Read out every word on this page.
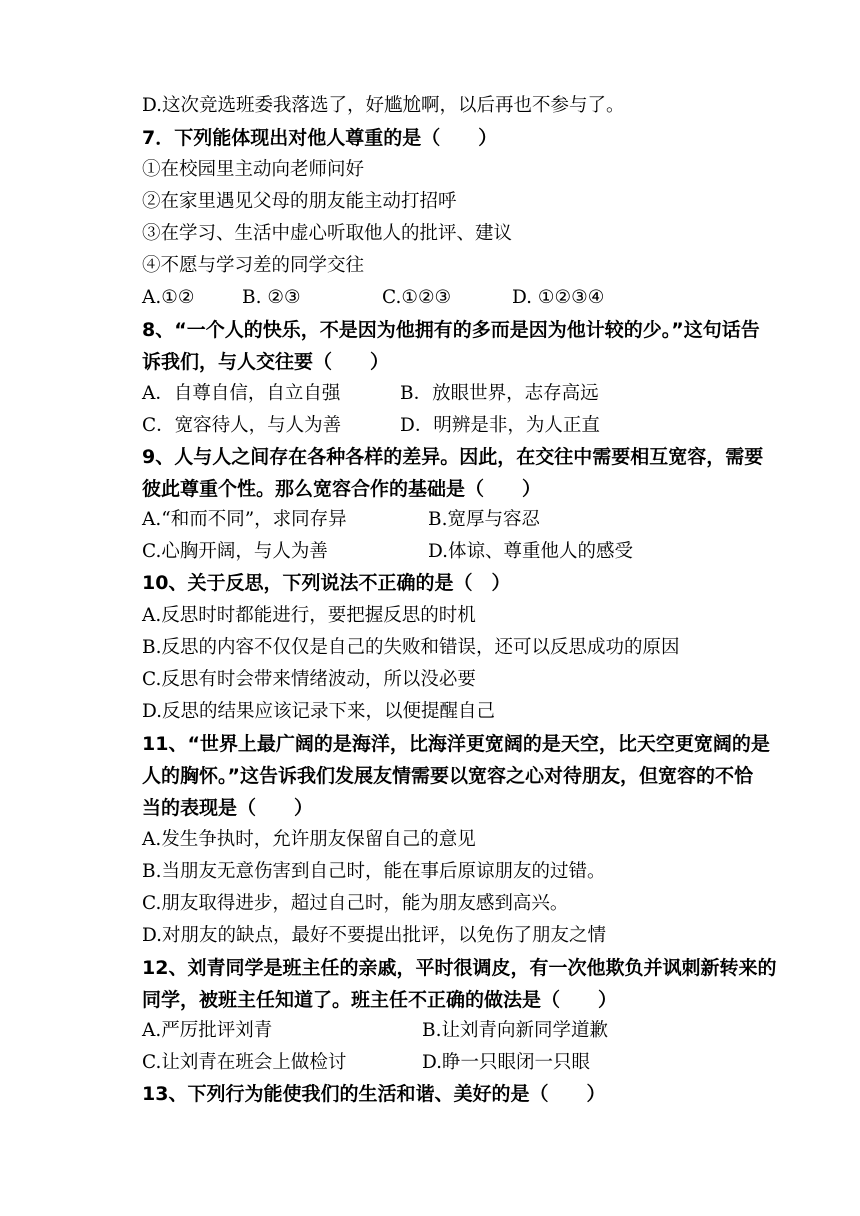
D.这次竞选班委我落选了，好尴尬啊，以后再也不参与了。
7．下列能体现出对他人尊重的是（　　）
①在校园里主动向老师问好
②在家里遇见父母的朋友能主动打招呼
③在学习、生活中虚心听取他人的批评、建议
④不愿与学习差的同学交往
A.①②	B. ②③	C.①②③	D. ①②③④
8、“一个人的快乐，不是因为他拥有的多而是因为他计较的少。”这句话告
诉我们，与人交往要（　　）
A．自尊自信，自立自强	B．放眼世界，志存高远
C．宽容待人，与人为善	D．明辨是非，为人正直
9、人与人之间存在各种各样的差异。因此，在交往中需要相互宽容，需要
彼此尊重个性。那么宽容合作的基础是（　　）
A.“和而不同”，求同存异	B.宽厚与容忍
C.心胸开阔，与人为善	D.体谅、尊重他人的感受
10、关于反思，下列说法不正确的是（　）
A.反思时时都能进行，要把握反思的时机
B.反思的内容不仅仅是自己的失败和错误，还可以反思成功的原因
C.反思有时会带来情绪波动，所以没必要
D.反思的结果应该记录下来，以便提醒自己
11、“世界上最广阔的是海洋，比海洋更宽阔的是天空，比天空更宽阔的是
人的胸怀。”这告诉我们发展友情需要以宽容之心对待朋友，但宽容的不恰
当的表现是（　　）
A.发生争执时，允许朋友保留自己的意见
B.当朋友无意伤害到自己时，能在事后原谅朋友的过错。
C.朋友取得进步，超过自己时，能为朋友感到高兴。
D.对朋友的缺点，最好不要提出批评，以免伤了朋友之情
12、刘青同学是班主任的亲戚，平时很调皮，有一次他欺负并讽刺新转来的
同学，被班主任知道了。班主任不正确的做法是（　　）
A.严厉批评刘青	B.让刘青向新同学道歉
C.让刘青在班会上做检讨	D.睁一只眼闭一只眼
13、下列行为能使我们的生活和谐、美好的是（　　）
